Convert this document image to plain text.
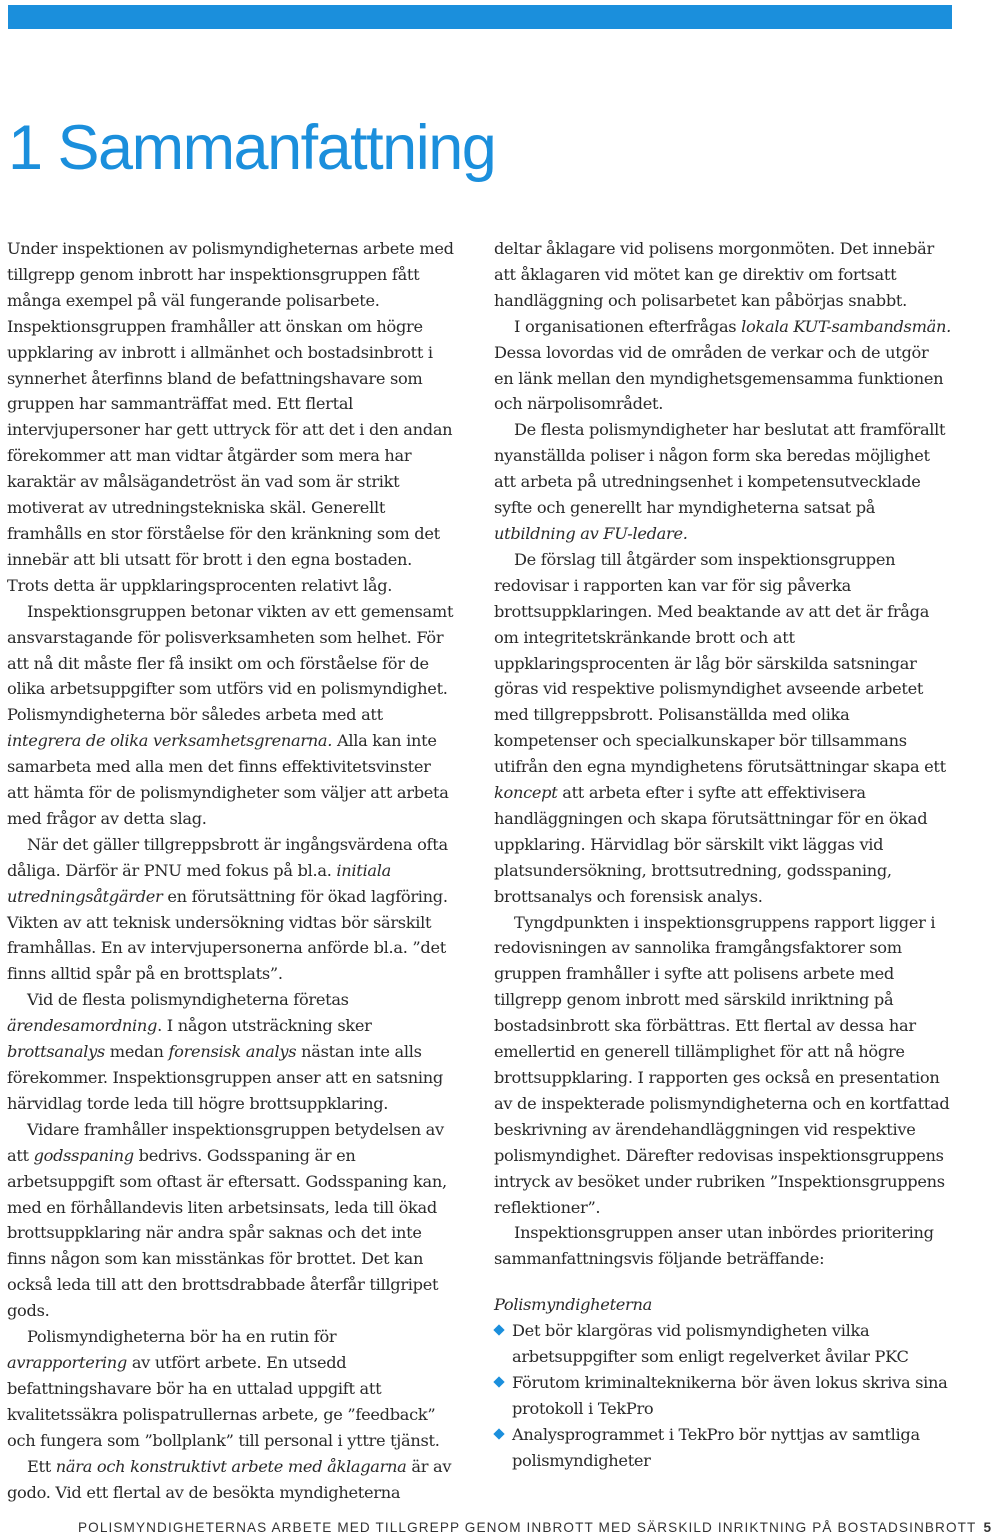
1 Sammanfattning

Under inspektionen av polismyndigheternas arbete med tillgrepp genom inbrott har inspektionsgruppen fått många exempel på väl fungerande polisarbete. Inspektionsgruppen framhåller att önskan om högre uppklaring av inbrott i allmänhet och bostadsinbrott i synnerhet återfinns bland de befattningshavare som gruppen har sammanträffat med. Ett flertal intervjupersoner har gett uttryck för att det i den andan förekommer att man vidtar åtgärder som mera har karaktär av målsägandetröst än vad som är strikt motiverat av utredningstekniska skäl. Generellt framhålls en stor förståelse för den kränkning som det innebär att bli utsatt för brott i den egna bostaden. Trots detta är uppklaringsprocenten relativt låg.

Inspektionsgruppen betonar vikten av ett gemensamt ansvarstagande för polisverksamheten som helhet. För att nå dit måste fler få insikt om och förståelse för de olika arbetsuppgifter som utförs vid en polismyndighet. Polismyndigheterna bör således arbeta med att integrera de olika verksamhetsgrenarna. Alla kan inte samarbeta med alla men det finns effektivitetsvinster att hämta för de polismyndigheter som väljer att arbeta med frågor av detta slag.

När det gäller tillgreppsbrott är ingångsvärdena ofta dåliga. Därför är PNU med fokus på bl.a. initiala utredningsåtgärder en förutsättning för ökad lagföring. Vikten av att teknisk undersökning vidtas bör särskilt framhållas. En av intervjupersonerna anförde bl.a. ”det finns alltid spår på en brottsplats”.

Vid de flesta polismyndigheterna företas ärendesamordning. I någon utsträckning sker brottsanalys medan forensisk analys nästan inte alls förekommer. Inspektionsgruppen anser att en satsning härvidlag torde leda till högre brottsuppklaring.

Vidare framhåller inspektionsgruppen betydelsen av att godsspaning bedrivs. Godsspaning är en arbetsuppgift som oftast är eftersatt. Godsspaning kan, med en förhållandevis liten arbetsinsats, leda till ökad brottsuppklaring när andra spår saknas och det inte finns någon som kan misstänkas för brottet. Det kan också leda till att den brottsdrabbade återfår tillgripet gods.

Polismyndigheterna bör ha en rutin för avrapportering av utfört arbete. En utsedd befattningshavare bör ha en uttalad uppgift att kvalitetssäkra polispatrullernas arbete, ge ”feedback” och fungera som ”bollplank” till personal i yttre tjänst.

Ett nära och konstruktivt arbete med åklagarna är av godo. Vid ett flertal av de besökta myndigheterna

deltar åklagare vid polisens morgonmöten. Det innebär att åklagaren vid mötet kan ge direktiv om fortsatt handläggning och polisarbetet kan påbörjas snabbt.

I organisationen efterfrågas lokala KUT-sambandsmän. Dessa lovordas vid de områden de verkar och de utgör en länk mellan den myndighetsgemensamma funktionen och närpolisområdet.

De flesta polismyndigheter har beslutat att framförallt nyanställda poliser i någon form ska beredas möjlighet att arbeta på utredningsenhet i kompetensutvecklade syfte och generellt har myndigheterna satsat på utbildning av FU-ledare.

De förslag till åtgärder som inspektionsgruppen redovisar i rapporten kan var för sig påverka brottsuppklaringen. Med beaktande av att det är fråga om integritetskränkande brott och att uppklaringsprocenten är låg bör särskilda satsningar göras vid respektive polismyndighet avseende arbetet med tillgreppsbrott. Polisanställda med olika kompetenser och specialkunskaper bör tillsammans utifrån den egna myndighetens förutsättningar skapa ett koncept att arbeta efter i syfte att effektivisera handläggningen och skapa förutsättningar för en ökad uppklaring. Härvidlag bör särskilt vikt läggas vid platsundersökning, brottsutredning, godsspaning, brottsanalys och forensisk analys.

Tyngdpunkten i inspektionsgruppens rapport ligger i redovisningen av sannolika framgångsfaktorer som gruppen framhåller i syfte att polisens arbete med tillgrepp genom inbrott med särskild inriktning på bostadsinbrott ska förbättras. Ett flertal av dessa har emellertid en generell tillämplighet för att nå högre brottsuppklaring. I rapporten ges också en presentation av de inspekterade polismyndigheterna och en kortfattad beskrivning av ärendehandläggningen vid respektive polismyndighet. Därefter redovisas inspektionsgruppens intryck av besöket under rubriken ”Inspektionsgruppens reflektioner”.

Inspektionsgruppen anser utan inbördes prioritering sammanfattningsvis följande beträffande:

Polismyndigheterna

Det bör klargöras vid polismyndigheten vilka arbetsuppgifter som enligt regelverket åvilar PKC
Förutom kriminalteknikerna bör även lokus skriva sina protokoll i TekPro
Analysprogrammet i TekPro bör nyttjas av samtliga polismyndigheter
POLISMYNDIGHETERNAS ARBETE MED TILLGREPP GENOM INBROTT MED SÄRSKILD INRIKTNING PÅ BOSTADSINBROTT 5
